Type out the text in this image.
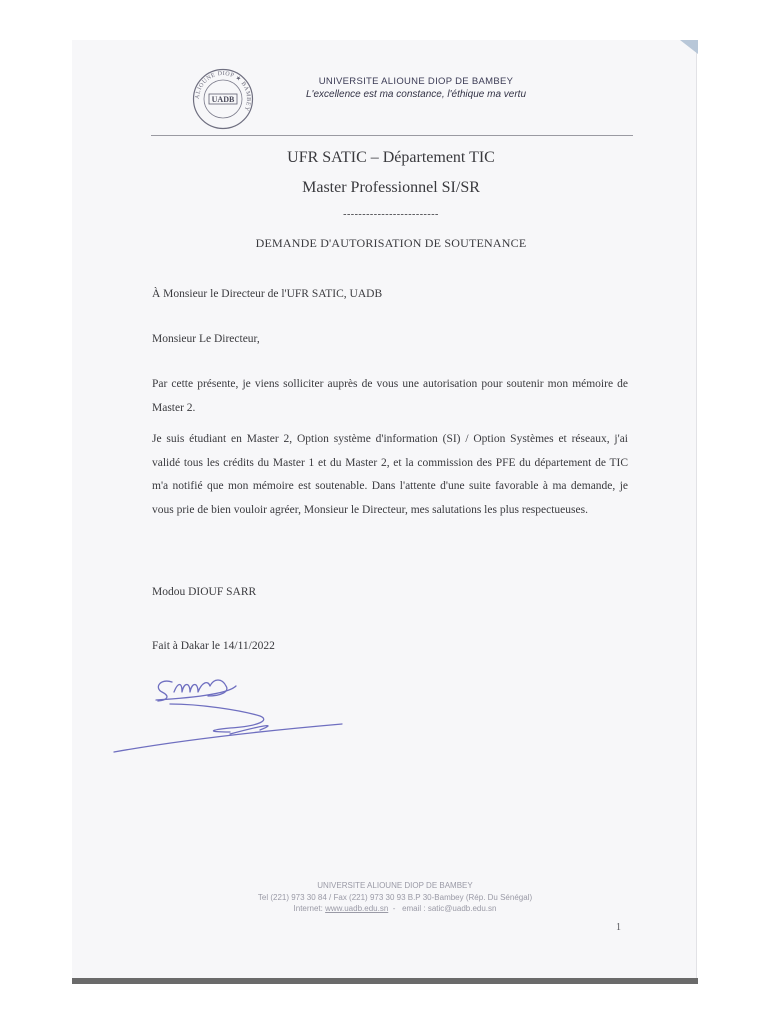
ALIOUNE DIOP ★ BAMBEY
UADB
UNIVERSITE ALIOUNE DIOP DE BAMBEY
L'excellence est ma constance, l'éthique ma vertu
UFR SATIC – Département TIC
Master Professionnel SI/SR
-------------------------
DEMANDE D'AUTORISATION DE SOUTENANCE
À Monsieur le Directeur de l'UFR SATIC, UADB
Monsieur Le Directeur,
Par cette présente, je viens solliciter auprès de vous une autorisation pour soutenir mon mémoire de Master 2.
Je suis étudiant en Master 2, Option système d'information (SI) / Option Systèmes et réseaux, j'ai validé tous les crédits du Master 1 et du Master 2, et la commission des PFE du département de TIC m'a notifié que mon mémoire est soutenable. Dans l'attente d'une suite favorable à ma demande, je vous prie de bien vouloir agréer, Monsieur le Directeur, mes salutations les plus respectueuses.
Modou DIOUF SARR
Fait à Dakar le 14/11/2022
UNIVERSITE ALIOUNE DIOP DE BAMBEY
Tel (221) 973 30 84 / Fax (221) 973 30 93 B.P 30-Bambey (Rép. Du Sénégal)
Internet: www.uadb.edu.sn - email : satic@uadb.edu.sn
1
